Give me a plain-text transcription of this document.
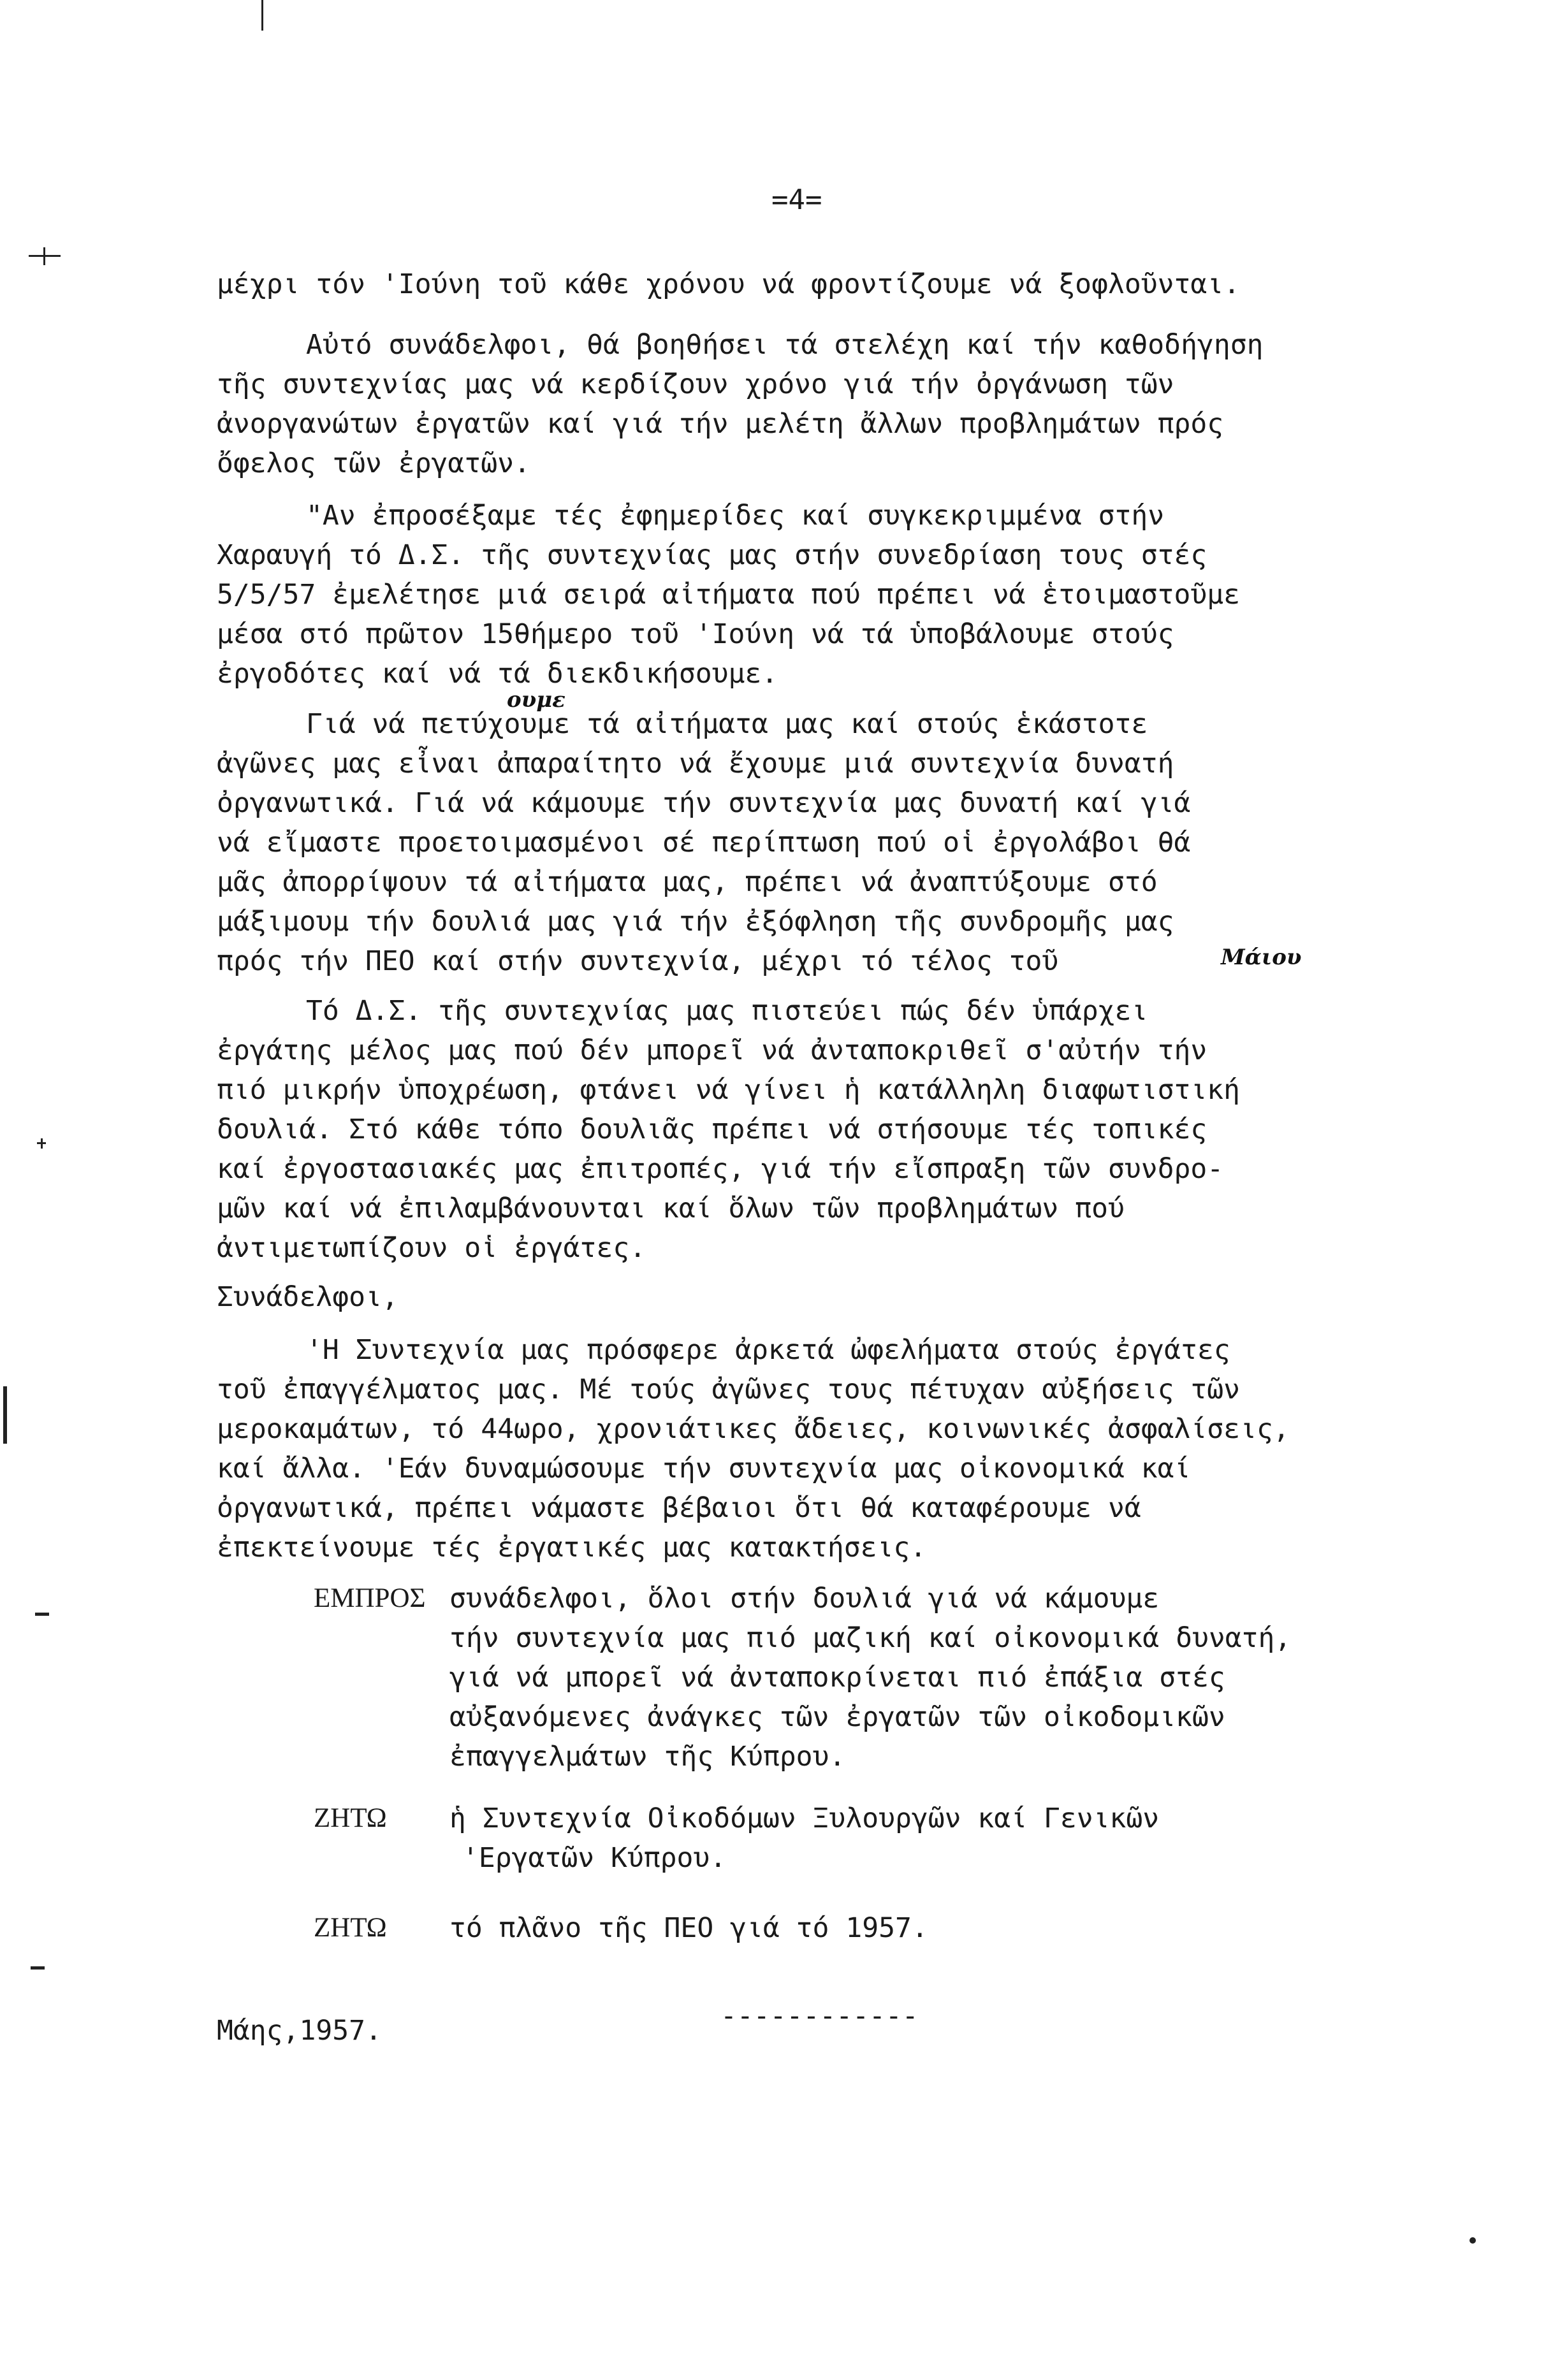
=4=
μέχρι τόν 'Ιούνη τοῦ κάθε χρόνου νά φροντίζουμε νά ξοφλοῦνται.
Αὐτό συνάδελφοι, θά βοηθήσει τά στελέχη καί τήν καθοδήγηση
τῆς συντεχνίας μας νά κερδίζουν χρόνο γιά τήν ὀργάνωση τῶν
ἀνοργανώτων ἐργατῶν καί γιά τήν μελέτη ἄλλων προβλημάτων πρός
ὄφελος τῶν ἐργατῶν.
"Αν ἐπροσέξαμε τές ἐφημερίδες καί συγκεκριμμένα στήν
Χαραυγή τό Δ.Σ. τῆς συντεχνίας μας στήν συνεδρίαση τους στές
5/5/57 ἐμελέτησε μιά σειρά αἰτήματα πού πρέπει νά ἑτοιμαστοῦμε
μέσα στό πρῶτον 15θήμερο τοῦ 'Ιούνη νά τά ὑποβάλουμε στούς
ἐργοδότες καί νά τά διεκδικήσουμε.
Γιά νά πετύχουμε τά αἰτήματα μας καί στούς ἑκάστοτε
ουμε
ἀγῶνες μας εἶναι ἀπαραίτητο νά ἔχουμε μιά συντεχνία δυνατή
ὀργανωτικά. Γιά νά κάμουμε τήν συντεχνία μας δυνατή καί γιά
νά εἴμαστε προετοιμασμένοι σέ περίπτωση πού οἱ ἐργολάβοι θά
μᾶς ἀπορρίψουν τά αἰτήματα μας, πρέπει νά ἀναπτύξουμε στό
μάξιμουμ τήν δουλιά μας γιά τήν ἐξόφληση τῆς συνδρομῆς μας
πρός τήν ΠΕΟ καί στήν συντεχνία, μέχρι τό τέλος τοῦ	Μάιου
Τό Δ.Σ. τῆς συντεχνίας μας πιστεύει πώς δέν ὑπάρχει
ἐργάτης μέλος μας πού δέν μπορεῖ νά ἀνταποκριθεῖ σ'αὐτήν τήν
πιό μικρήν ὑποχρέωση, φτάνει νά γίνει ἡ κατάλληλη διαφωτιστική
δουλιά. Στό κάθε τόπο δουλιᾶς πρέπει νά στήσουμε τές τοπικές
καί ἐργοστασιακές μας ἐπιτροπές, γιά τήν εἴσπραξη τῶν συνδρο-
μῶν καί νά ἐπιλαμβάνουνται καί ὅλων τῶν προβλημάτων πού
ἀντιμετωπίζουν οἱ ἐργάτες.
Συνάδελφοι,
'Η Συντεχνία μας πρόσφερε ἀρκετά ὠφελήματα στούς ἐργάτες
τοῦ ἐπαγγέλματος μας. Μέ τούς ἀγῶνες τους πέτυχαν αὐξήσεις τῶν
μεροκαμάτων, τό 44ωρο, χρονιάτικες ἄδειες, κοινωνικές ἀσφαλίσεις,
καί ἄλλα. 'Εάν δυναμώσουμε τήν συντεχνία μας οἰκονομικά καί
ὀργανωτικά, πρέπει νάμαστε βέβαιοι ὅτι θά καταφέρουμε νά
ἐπεκτείνουμε τές ἐργατικές μας κατακτήσεις.
ΕΜΠΡΟΣ συνάδελφοι, ὅλοι στήν δουλιά γιά νά κάμουμε
τήν συντεχνία μας πιό μαζική καί οἰκονομικά δυνατή,
γιά νά μπορεῖ νά ἀνταποκρίνεται πιό ἐπάξια στές
αὐξανόμενες ἀνάγκες τῶν ἐργατῶν τῶν οἰκοδομικῶν
ἐπαγγελμάτων τῆς Κύπρου.
ΖΗΤΩ ἡ Συντεχνία Οἰκοδόμων Ξυλουργῶν καί Γενικῶν
'Εργατῶν Κύπρου.
ΖΗΤΩ τό πλᾶνο τῆς ΠΕΟ γιά τό 1957.
Μάης,1957.	------------
